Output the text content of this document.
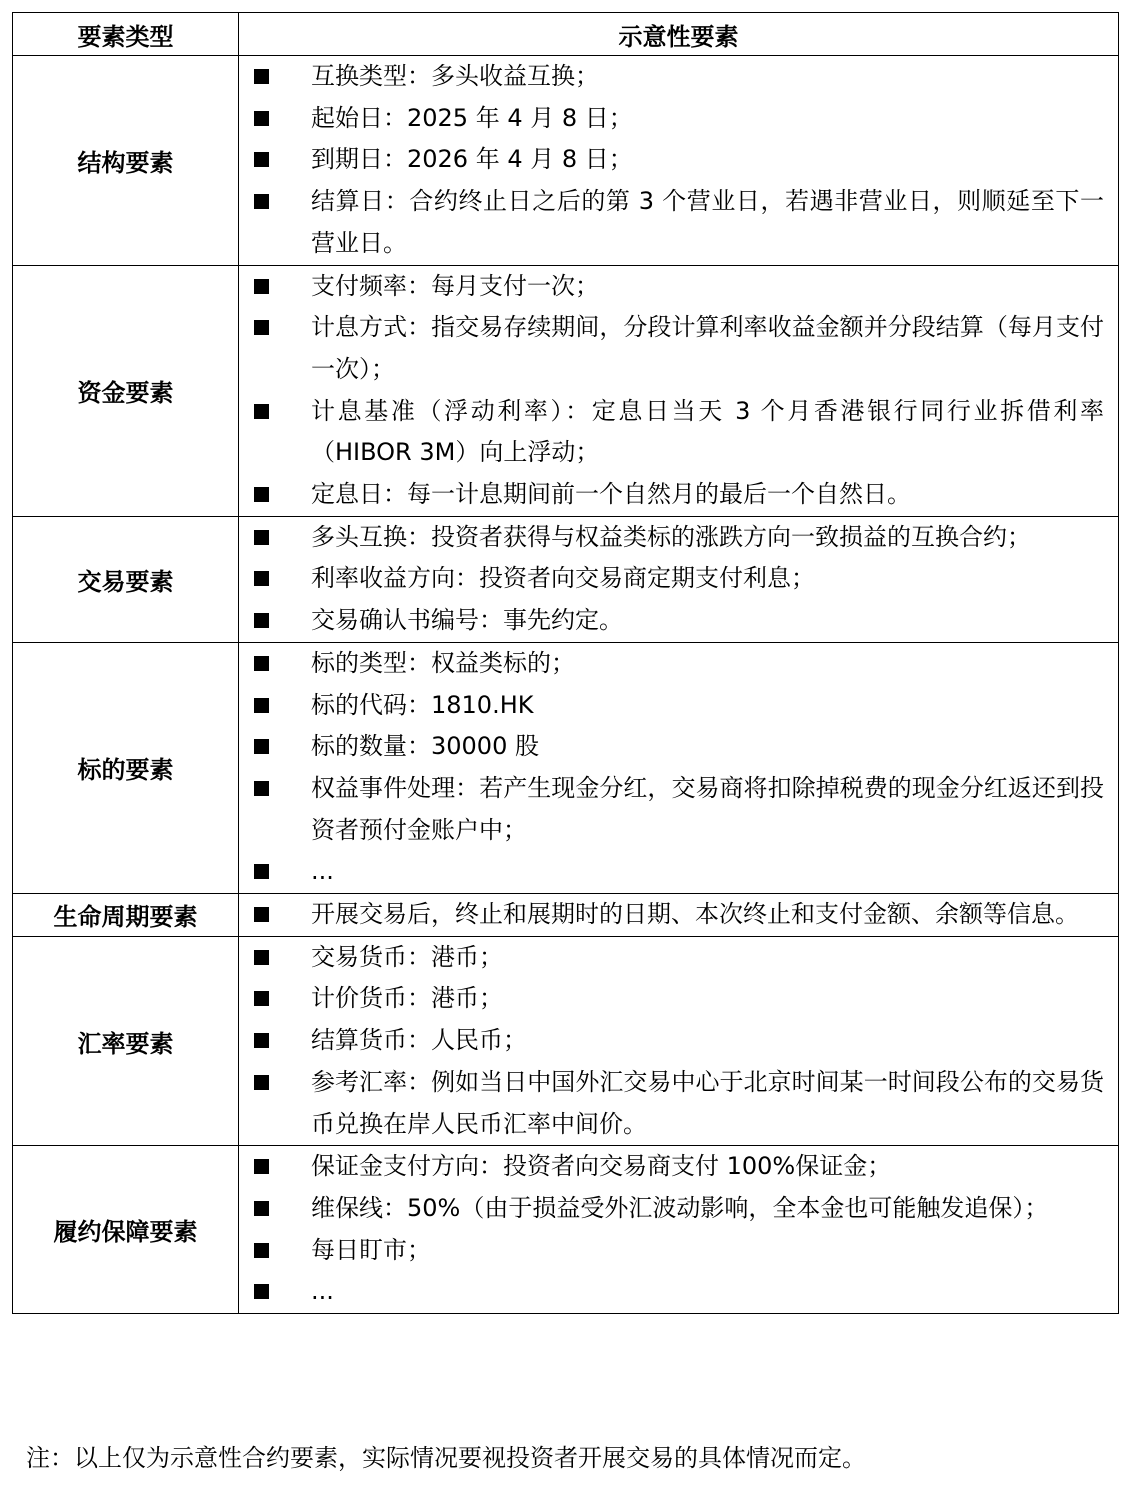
要素类型	示意性要素
结构要素	互换类型：多头收益互换；
起始日：2025 年 4 月 8 日；
到期日：2026 年 4 月 8 日；
结算日：合约终止日之后的第 3 个营业日，若遇非营业日，则顺延至下一营业日。

资金要素	支付频率：每月支付一次；
计息方式：指交易存续期间，分段计算利率收益金额并分段结算（每月支付一次）；
计息基准（浮动利率）：定息日当天 3 个月香港银行同行业拆借利率（HIBOR 3M）向上浮动；
定息日：每一计息期间前一个自然月的最后一个自然日。

交易要素	多头互换：投资者获得与权益类标的涨跌方向一致损益的互换合约；
利率收益方向：投资者向交易商定期支付利息；
交易确认书编号：事先约定。

标的要素	标的类型：权益类标的；
标的代码：1810.HK
标的数量：30000 股
权益事件处理：若产生现金分红，交易商将扣除掉税费的现金分红返还到投资者预付金账户中；
...

生命周期要素	开展交易后，终止和展期时的日期、本次终止和支付金额、余额等信息。

汇率要素	交易货币：港币；
计价货币：港币；
结算货币：人民币；
参考汇率：例如当日中国外汇交易中心于北京时间某一时间段公布的交易货币兑换在岸人民币汇率中间价。

履约保障要素	保证金支付方向：投资者向交易商支付 100%保证金；
维保线：50%（由于损益受外汇波动影响，全本金也可能触发追保）；
每日盯市；
...
注：以上仅为示意性合约要素，实际情况要视投资者开展交易的具体情况而定。
